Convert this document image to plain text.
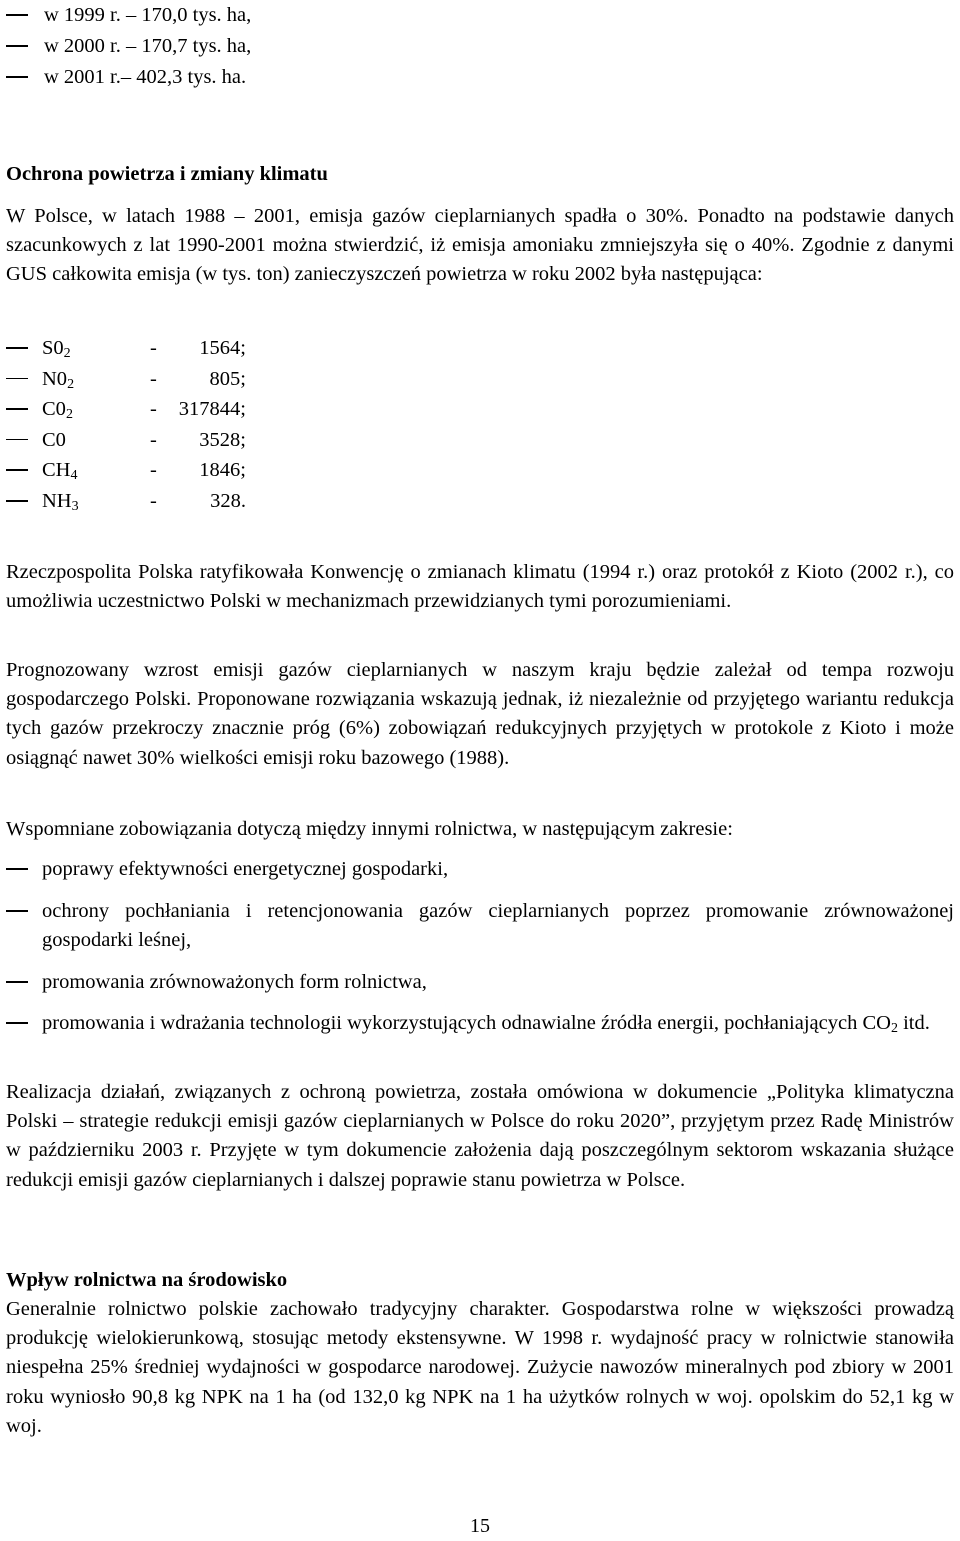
w 1999 r. – 170,0 tys. ha,
w 2000 r. – 170,7 tys. ha,
w 2001 r.– 402,3 tys. ha.
Ochrona powietrza i zmiany klimatu

W Polsce, w latach 1988 – 2001, emisja gazów cieplarnianych spadła o 30%. Ponadto na podstawie danych szacunkowych z lat 1990-2001 można stwierdzić, iż emisja amoniaku zmniejszyła się o 40%. Zgodnie z danymi GUS całkowita emisja (w tys. ton) zanieczyszczeń powietrza w roku 2002 była następująca:

$S0_2$	- 1564;
$N0_2$	-	805;
$C0_2$	- 317844;
C0	- 3528;
$CH_4$	- 1846;
$NH_3$	-	328.

Rzeczpospolita Polska ratyfikowała Konwencję o zmianach klimatu (1994 r.) oraz protokół z Kioto (2002 r.), co umożliwia uczestnictwo Polski w mechanizmach przewidzianych tymi porozumieniami.

Prognozowany wzrost emisji gazów cieplarnianych w naszym kraju będzie zależał od tempa rozwoju gospodarczego Polski. Proponowane rozwiązania wskazują jednak, iż niezależnie od przyjętego wariantu redukcja tych gazów przekroczy znacznie próg (6%) zobowiązań redukcyjnych przyjętych w protokole z Kioto i może osiągnąć nawet 30% wielkości emisji roku bazowego (1988).

Wspomniane zobowiązania dotyczą między innymi rolnictwa, w następującym zakresie:

poprawy efektywności energetycznej gospodarki,

ochrony pochłaniania i retencjonowania gazów cieplarnianych poprzez promowanie zrównoważonej gospodarki leśnej,

promowania zrównoważonych form rolnictwa,

promowania i wdrażania technologii wykorzystujących odnawialne źródła energii, pochłaniających $CO_2$ itd.

Realizacja działań, związanych z ochroną powietrza, została omówiona w dokumencie „Polityka klimatyczna Polski – strategie redukcji emisji gazów cieplarnianych w Polsce do roku 2020”, przyjętym przez Radę Ministrów w październiku 2003 r. Przyjęte w tym dokumencie założenia dają poszczególnym sektorom wskazania służące redukcji emisji gazów cieplarnianych i dalszej poprawie stanu powietrza w Polsce.

Wpływ rolnictwa na środowisko

Generalnie rolnictwo polskie zachowało tradycyjny charakter. Gospodarstwa rolne w większości prowadzą produkcję wielokierunkową, stosując metody ekstensywne. W 1998 r. wydajność pracy w rolnictwie stanowiła niespełna 25% średniej wydajności w gospodarce narodowej. Zużycie nawozów mineralnych pod zbiory w 2001 roku wyniosło 90,8 kg NPK na 1 ha (od 132,0 kg NPK na 1 ha użytków rolnych w woj. opolskim do 52,1 kg w woj.

15
